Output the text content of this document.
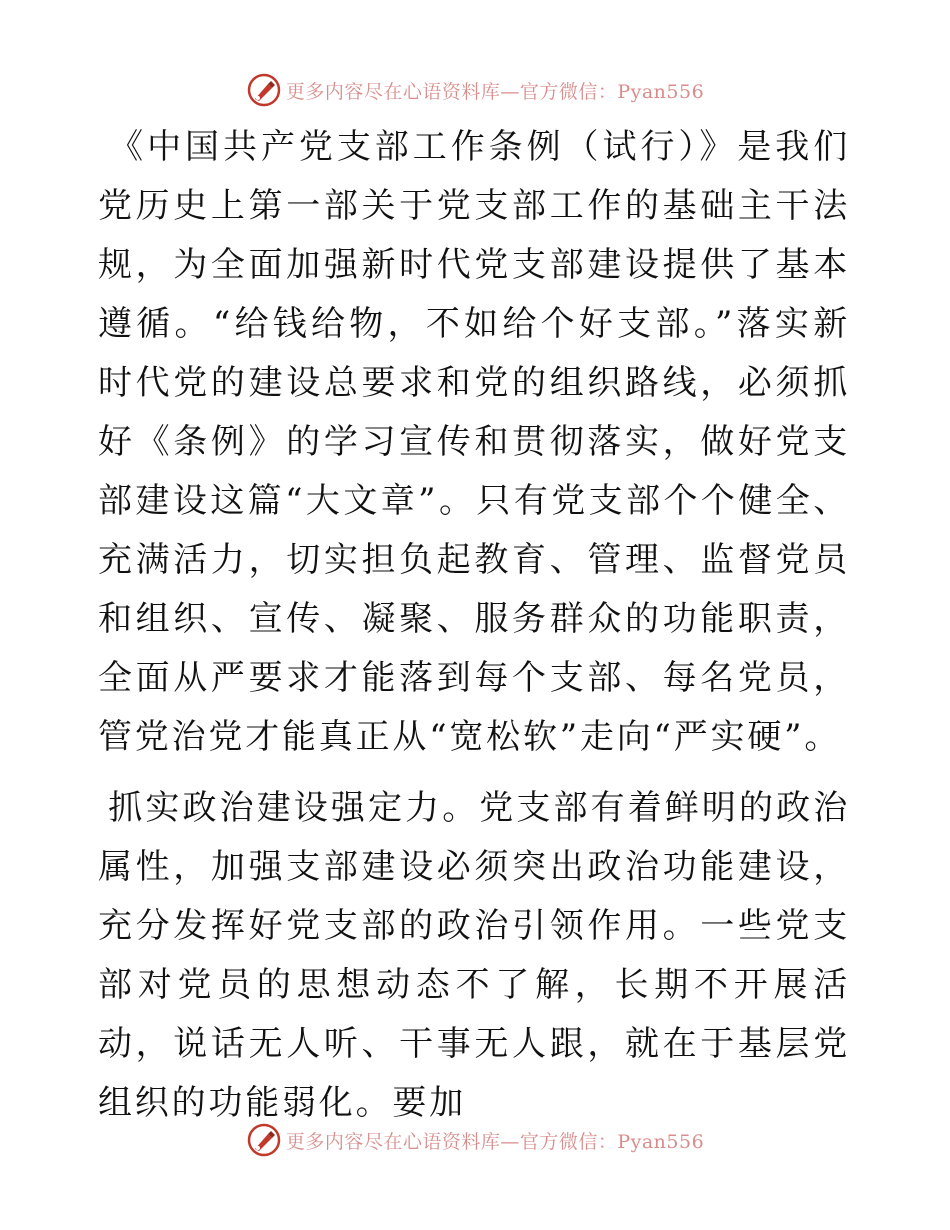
更多内容尽在心语资料库—官方微信：Pyan556

《中国共产党支部工作条例（试行）》是我们党历史上第一部关于党支部工作的基础主干法规，为全面加强新时代党支部建设提供了基本遵循。“给钱给物，不如给个好支部。”落实新时代党的建设总要求和党的组织路线，必须抓好《条例》的学习宣传和贯彻落实，做好党支部建设这篇“大文章”。只有党支部个个健全、充满活力，切实担负起教育、管理、监督党员和组织、宣传、凝聚、服务群众的功能职责，全面从严要求才能落到每个支部、每名党员，管党治党才能真正从“宽松软”走向“严实硬”。

抓实政治建设强定力。党支部有着鲜明的政治属性，加强支部建设必须突出政治功能建设，充分发挥好党支部的政治引领作用。一些党支部对党员的思想动态不了解，长期不开展活动，说话无人听、干事无人跟，就在于基层党组织的功能弱化。要加

更多内容尽在心语资料库—官方微信：Pyan556
